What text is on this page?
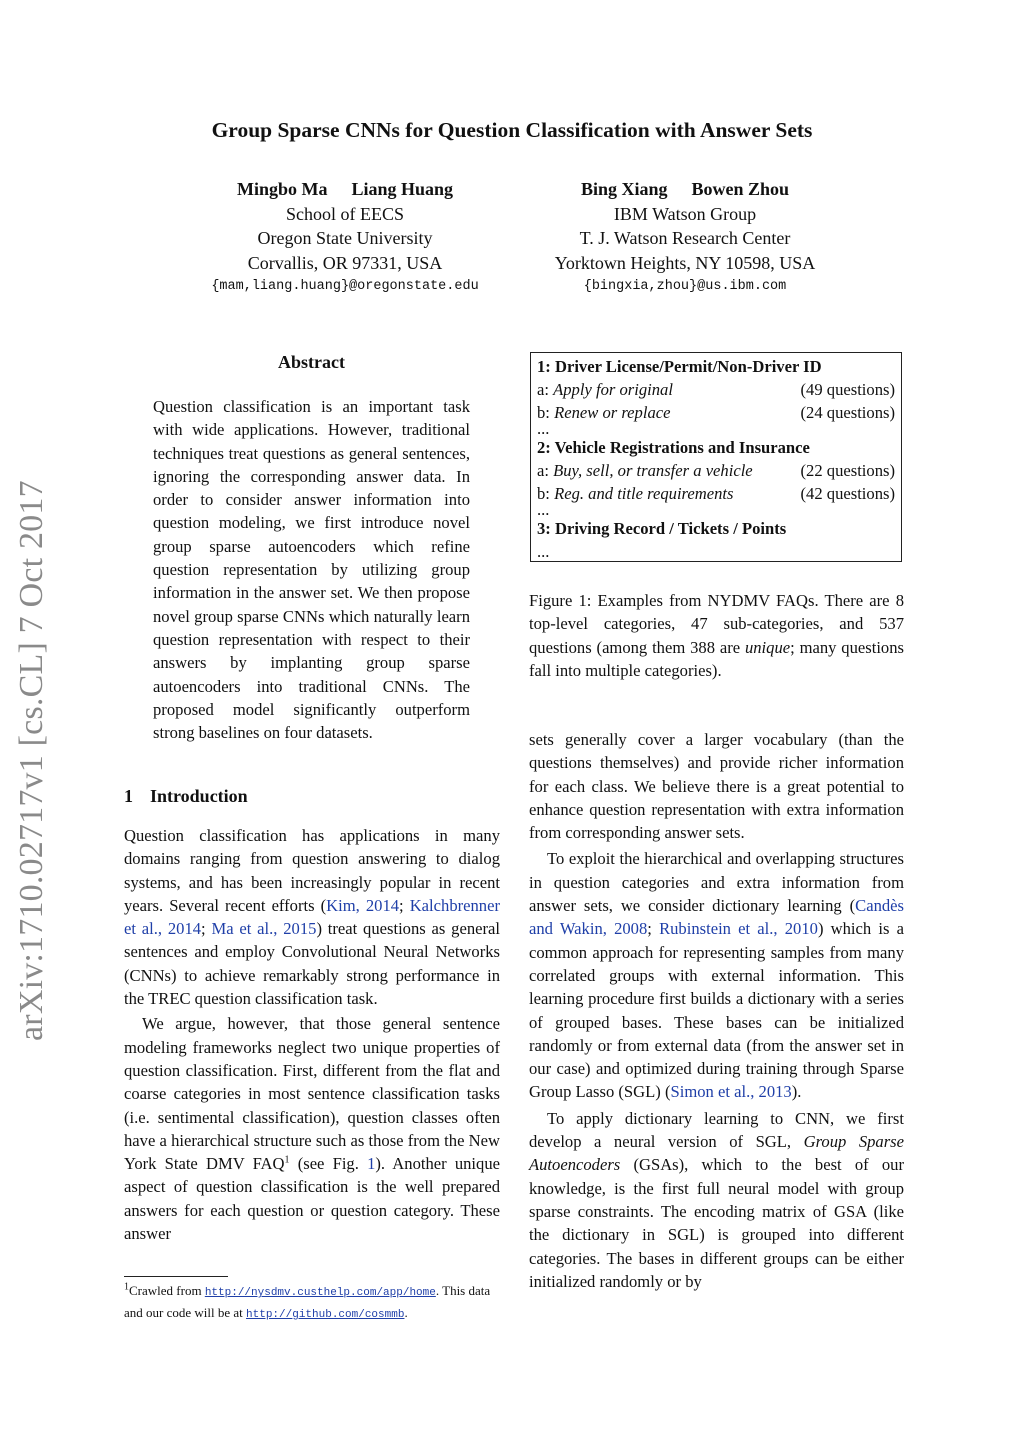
Group Sparse CNNs for Question Classification with Answer Sets
arXiv:1710.02717v1 [cs.CL] 7 Oct 2017
Mingbo Ma Liang Huang
School of EECS
Oregon State University
Corvallis, OR 97331, USA
{mam,liang.huang}@oregonstate.edu
Bing Xiang Bowen Zhou
IBM Watson Group
T. J. Watson Research Center
Yorktown Heights, NY 10598, USA
{bingxia,zhou}@us.ibm.com
Abstract

Question classification is an important task with wide applications. However, traditional techniques treat questions as general sentences, ignoring the corresponding answer data. In order to consider answer information into question modeling, we first introduce novel group sparse autoencoders which refine question representation by utilizing group information in the answer set. We then propose novel group sparse CNNs which naturally learn question representation with respect to their answers by implanting group sparse autoencoders into traditional CNNs. The proposed model significantly outperform strong baselines on four datasets.

1 Introduction

Question classification has applications in many domains ranging from question answering to dialog systems, and has been increasingly popular in recent years. Several recent efforts (Kim, 2014; Kalchbrenner et al., 2014; Ma et al., 2015) treat questions as general sentences and employ Convolutional Neural Networks (CNNs) to achieve remarkably strong performance in the TREC question classification task.

We argue, however, that those general sentence modeling frameworks neglect two unique properties of question classification. First, different from the flat and coarse categories in most sentence classification tasks (i.e. sentimental classification), question classes often have a hierarchical structure such as those from the New York State DMV FAQ$^1$ (see Fig. 1). Another unique aspect of question classification is the well prepared answers for each question or question category. These answer

$^1$Crawled from http://nysdmv.custhelp.com/app/home. This data and our code will be at http://github.com/cosmmb.
1: Driver License/Permit/Non-Driver ID
a: Apply for original	(49 questions)
b: Renew or replace	(24 questions)
...
2: Vehicle Registrations and Insurance
a: Buy, sell, or transfer a vehicle	(22 questions)
b: Reg. and title requirements	(42 questions)
...
3: Driving Record / Tickets / Points
...

Figure 1: Examples from NYDMV FAQs. There are 8 top-level categories, 47 sub-categories, and 537 questions (among them 388 are unique; many questions fall into multiple categories).

sets generally cover a larger vocabulary (than the questions themselves) and provide richer information for each class. We believe there is a great potential to enhance question representation with extra information from corresponding answer sets.

To exploit the hierarchical and overlapping structures in question categories and extra information from answer sets, we consider dictionary learning (Candès and Wakin, 2008; Rubinstein et al., 2010) which is a common approach for representing samples from many correlated groups with external information. This learning procedure first builds a dictionary with a series of grouped bases. These bases can be initialized randomly or from external data (from the answer set in our case) and optimized during training through Sparse Group Lasso (SGL) (Simon et al., 2013).

To apply dictionary learning to CNN, we first develop a neural version of SGL, Group Sparse Autoencoders (GSAs), which to the best of our knowledge, is the first full neural model with group sparse constraints. The encoding matrix of GSA (like the dictionary in SGL) is grouped into different categories. The bases in different groups can be either initialized randomly or by
